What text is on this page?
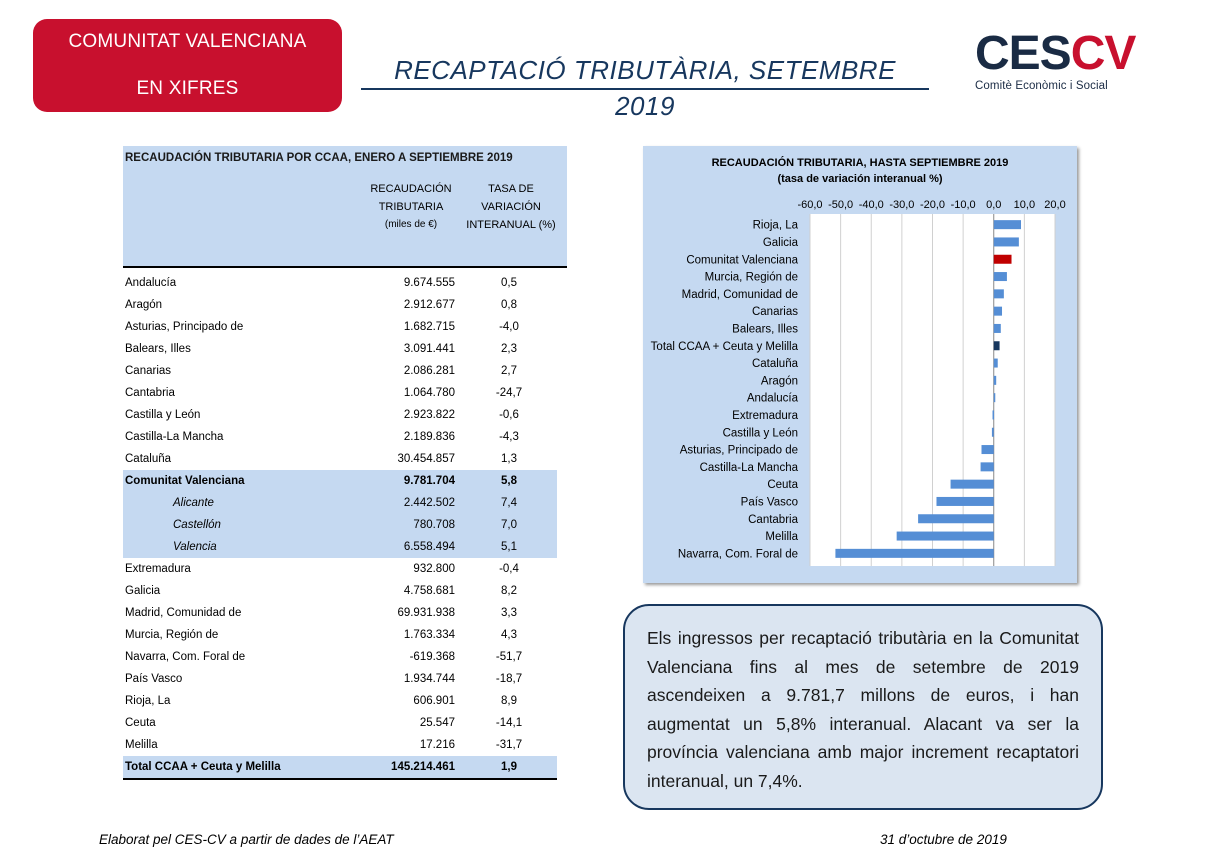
COMUNITAT VALENCIANA
EN XIFRES
RECAPTACIÓ TRIBUTÀRIA, SETEMBRE 2019
CESCV
Comitè Econòmic i Social
RECAUDACIÓN TRIBUTARIA POR CCAA, ENERO A SEPTIEMBRE 2019
RECAUDACIÓN
TRIBUTARIA
(miles de €)
TASA DE
VARIACIÓN
INTERANUAL (%)
Andalucía	9.674.555	0,5
Aragón	2.912.677	0,8
Asturias, Principado de	1.682.715	-4,0
Balears, Illes	3.091.441	2,3
Canarias	2.086.281	2,7
Cantabria	1.064.780	-24,7
Castilla y León	2.923.822	-0,6
Castilla-La Mancha	2.189.836	-4,3
Cataluña	30.454.857	1,3
Comunitat Valenciana	9.781.704	5,8
Alicante	2.442.502	7,4
Castellón	780.708	7,0
Valencia	6.558.494	5,1
Extremadura	932.800	-0,4
Galicia	4.758.681	8,2
Madrid, Comunidad de	69.931.938	3,3
Murcia, Región de	1.763.334	4,3
Navarra, Com. Foral de	-619.368	-51,7
País Vasco	1.934.744	-18,7
Rioja, La	606.901	8,9
Ceuta	25.547	-14,1
Melilla	17.216	-31,7
Total CCAA + Ceuta y Melilla	145.214.461	1,9
RECAUDACIÓN TRIBUTARIA, HASTA SEPTIEMBRE 2019
(tasa de variación interanual %)
-60,0 -50,0 -40,0 -30,0 -20,0 -10,0 0,0 10,0 20,0
Rioja, La
Galicia
Comunitat Valenciana
Murcia, Región de
Madrid, Comunidad de
Canarias
Balears, Illes
Total CCAA + Ceuta y Melilla
Cataluña
Aragón
Andalucía
Extremadura
Castilla y León
Asturias, Principado de
Castilla-La Mancha
Ceuta
País Vasco
Cantabria
Melilla
Navarra, Com. Foral de
Els ingressos per recaptació tributària en la Comunitat Valenciana fins al mes de setembre de 2019 ascendeixen a 9.781,7 millons de euros, i han augmentat un 5,8% interanual. Alacant va ser la província valenciana amb major increment recaptatori interanual, un 7,4%.
Elaborat pel CES-CV a partir de dades de l’AEAT	31 d’octubre de 2019
